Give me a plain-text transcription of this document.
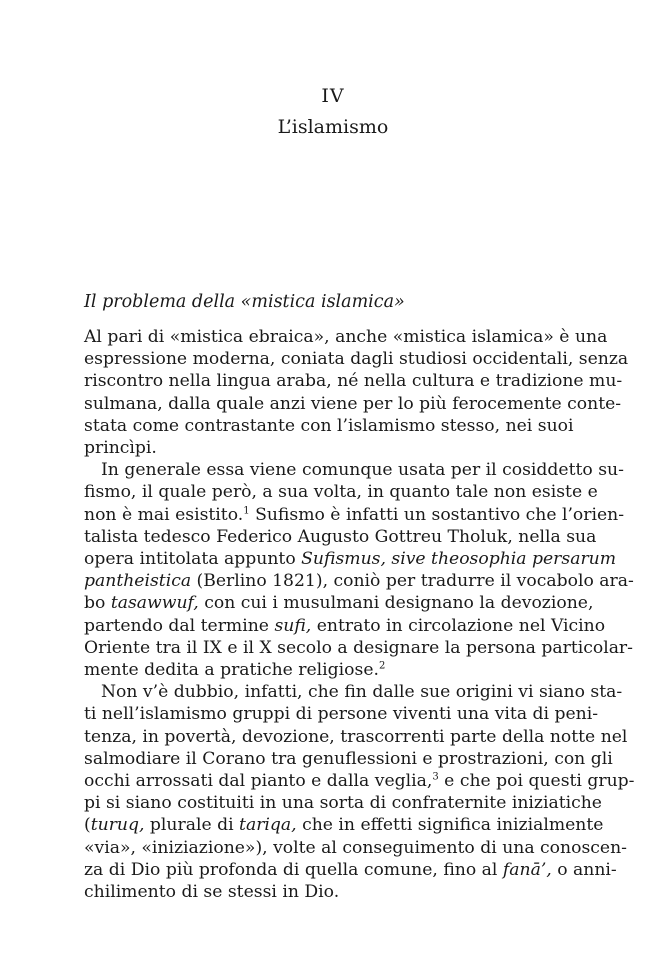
IV
L’islamismo
Il problema della «mistica islamica»
Al pari di «mistica ebraica», anche «mistica islamica» è una
espressione moderna, coniata dagli studiosi occidentali, senza
riscontro nella lingua araba, né nella cultura e tradizione mu-
sulmana, dalla quale anzi viene per lo più ferocemente conte-
stata come contrastante con l’islamismo stesso, nei suoi
princìpi.
In generale essa viene comunque usata per il cosiddetto su-
fismo, il quale però, a sua volta, in quanto tale non esiste e
non è mai esistito.$^1$ Sufismo è infatti un sostantivo che l’orien-
talista tedesco Federico Augusto Gottreu Tholuk, nella sua
opera intitolata appunto Sufismus, sive theosophia persarum
pantheistica (Berlino 1821), coniò per tradurre il vocabolo ara-
bo tasawwuf, con cui i musulmani designano la devozione,
partendo dal termine sufi, entrato in circolazione nel Vicino
Oriente tra il IX e il X secolo a designare la persona particolar-
mente dedita a pratiche religiose.$^2$
Non v’è dubbio, infatti, che fin dalle sue origini vi siano sta-
ti nell’islamismo gruppi di persone viventi una vita di peni-
tenza, in povertà, devozione, trascorrenti parte della notte nel
salmodiare il Corano tra genuflessioni e prostrazioni, con gli
occhi arrossati dal pianto e dalla veglia,$^3$ e che poi questi grup-
pi si siano costituiti in una sorta di confraternite iniziatiche
(turuq, plurale di tariqa, che in effetti significa inizialmente
«via», «iniziazione»), volte al conseguimento di una conoscen-
za di Dio più profonda di quella comune, fino al fanā’, o anni-
chilimento di se stessi in Dio.
